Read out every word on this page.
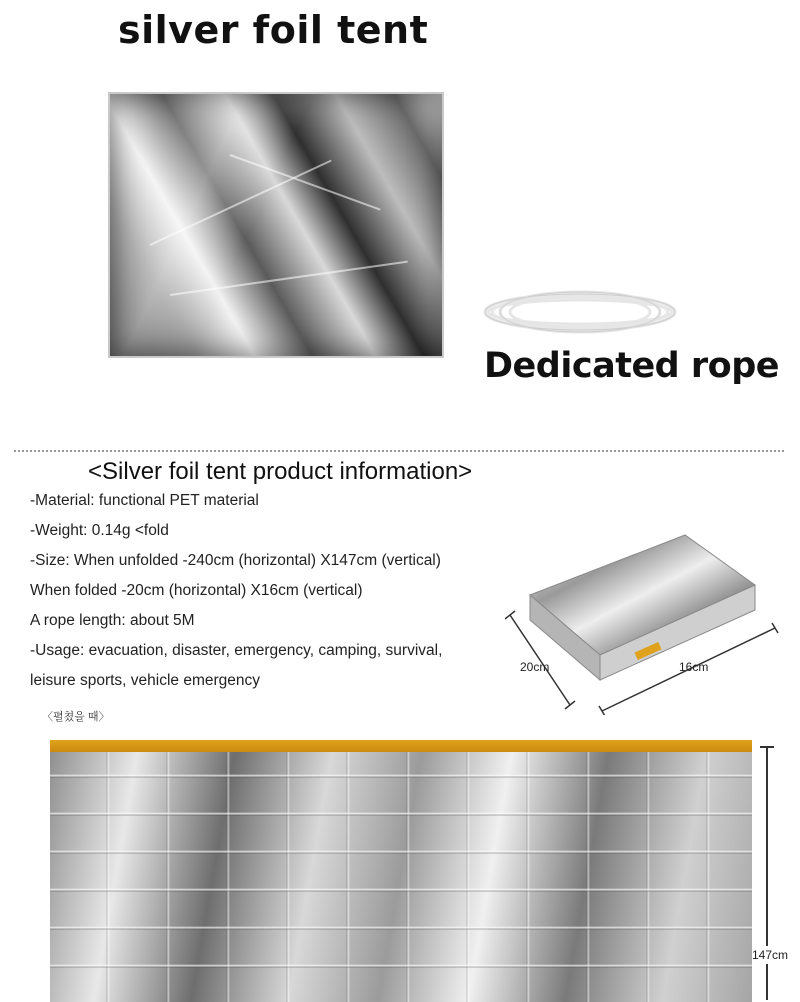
silver foil tent

Dedicated rope

<Silver foil tent product information>

-Material: functional PET material
-Weight: 0.14g <fold
-Size: When unfolded -240cm (horizontal) X147cm (vertical)
When folded -20cm (horizontal) X16cm (vertical)
A rope length: about 5M
-Usage: evacuation, disaster, emergency, camping, survival,
leisure sports, vehicle emergency
20cm	16cm

〈펼쳤을 때〉

147cm
